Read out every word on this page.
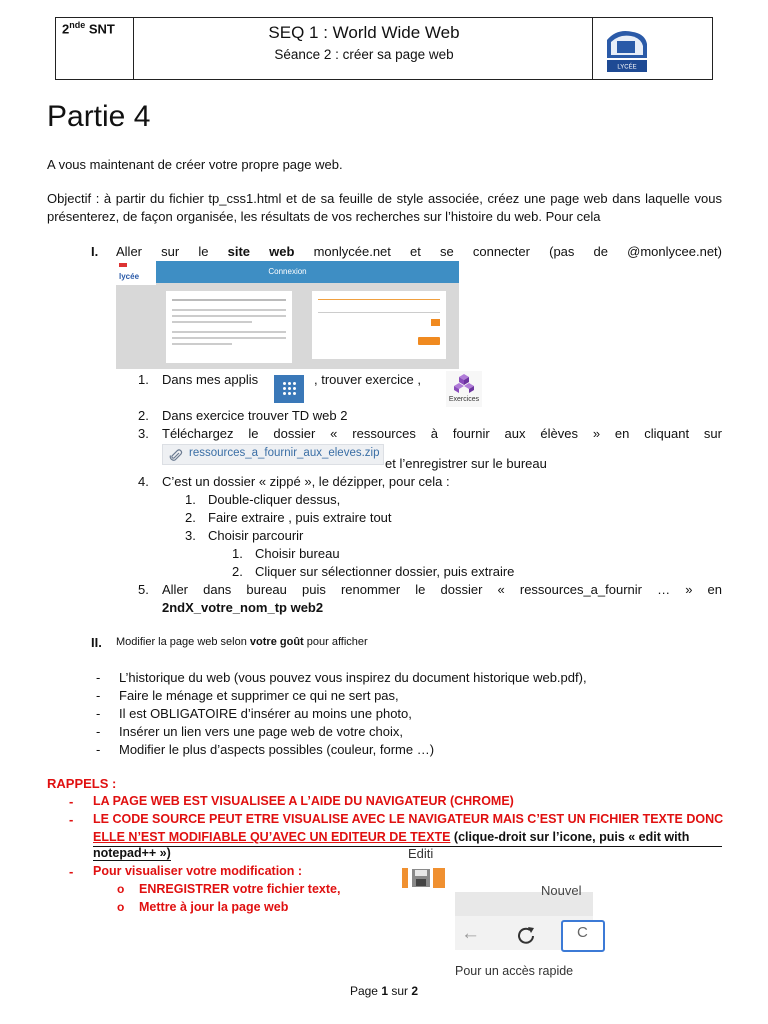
2nde SNT	SEQ 1 : World Wide Web
Séance 2 : créer sa page web
LYCÉE
Partie 4
A vous maintenant de créer votre propre page web.
Objectif : à partir du fichier tp_css1.html et de sa feuille de style associée, créez une page web dans laquelle vous présenterez, de façon organisée, les résultats de vos recherches sur l’histoire du web. Pour cela
I. Aller sur le site web monlycée.net et se connecter (pas de @monlycee.net)
Connexion
lycée
1. Dans mes applis	, trouver exercice ,
Exercices
2. Dans exercice trouver TD web 2
3. Téléchargez le dossier « ressources à fournir aux élèves » en cliquant sur
ressources_a_fournir_aux_eleves.zip
et l’enregistrer sur le bureau
4. C’est un dossier « zippé », le dézipper, pour cela :
1. Double-cliquer dessus,
2. Faire extraire , puis extraire tout
3. Choisir parcourir
1. Choisir bureau
2. Cliquer sur sélectionner dossier, puis extraire
5. Aller dans bureau puis renommer le dossier « ressources_a_fournir … » en
2ndX_votre_nom_tp web2
II. Modifier la page web selon votre goût pour afficher
- L’historique du web (vous pouvez vous inspirez du document historique web.pdf),
- Faire le ménage et supprimer ce qui ne sert pas,
- Il est OBLIGATOIRE d’insérer au moins une photo,
- Insérer un lien vers une page web de votre choix,
- Modifier le plus d’aspects possibles (couleur, forme …)
RAPPELS :
- LA PAGE WEB EST VISUALISEE A L’AIDE DU NAVIGATEUR (CHROME)
- LE CODE SOURCE PEUT ETRE VISUALISE AVEC LE NAVIGATEUR MAIS C’EST UN FICHIER TEXTE DONC
ELLE N’EST MODIFIABLE QU’AVEC UN EDITEUR DE TEXTE (clique-droit sur l’icone, puis « edit with
notepad++ »)
- Pour visualiser votre modification :
o ENREGISTRER votre fichier texte,
o Mettre à jour la page web
Editi
Nouvel
←	C
Pour un accès rapide
Page 1 sur 2
